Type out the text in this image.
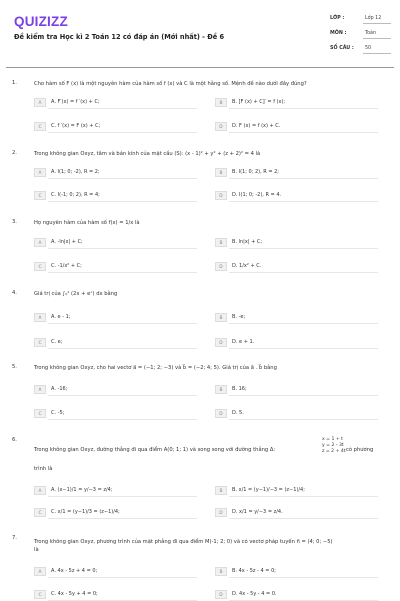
QUIZIZZ
Đề kiểm tra Học kì 2 Toán 12 có đáp án (Mới nhất) - Đề 6
LỚP :	Lớp 12
MÔN :	Toán
SỐ CÂU : 50
1.	Cho hàm số F (x) là một nguyên hàm của hàm số f (x) và C là một hằng số. Mệnh đề nào dưới đây đúng?
2.	Trong không gian Oxyz, tâm và bán kính của mặt cầu (S): (x - 1)² + y² + (z + 2)² = 4 là
3.	Họ nguyên hàm của hàm số f(x) = 1/x là
4.	Giá trị của ∫₀¹ (2x + eˣ) dx bằng
5.	Trong không gian Oxyz, cho hai vectơ a⃗ = (−1; 2; −3) và b⃗ = (−2; 4; 5). Giá trị của a⃗ . b⃗ bằng
6.
Trong không gian Oxyz, đường thẳng đi qua điểm A(0; 1; 1) và song song với đường thẳng Δ:	có phương
trình là
x = 1 + t
y = 2 - 3t
z = 2 + 4t
7.
Trong không gian Oxyz, phương trình của mặt phẳng đi qua điểm M(-1; 2; 0) và có vectơ pháp tuyến n⃗ = (4; 0; −5)
là
A	A. F′(x) = f ′(x) + C;	B	B. [F (x) + C]′ = f (x);
C	C. f ′(x) = F (x) + C;	D	D. F (x) = f (x) + C.
A	A. I(1; 0; -2), R = 2;	B	B. I(1; 0; 2), R = 2;
C	C. I(-1; 0; 2), R = 4;	D	D. I(1; 0; -2), R = 4.
A	A. -ln|x| + C;	B	B. ln|x| + C;
C	C. -1/x² + C;	D	D. 1/x² + C.
A	A. e - 1;	B	B. -e;
C	C. e;	D	D. e + 1.
A	A. -16;	B	B. 16;
C	C. -5;	D	D. 5.
A	A. (x−1)/1 = y/−3 = z/4;	B	B. x/1 = (y−1)/−3 = (z−1)/4;
C	C. x/1 = (y−1)/3 = (z−1)/4;	D	D. x/1 = y/−3 = z/4.
A	A. 4x - 5z + 4 = 0;	B	B. 4x - 5z - 4 = 0;
C	C. 4x - 5y + 4 = 0;	D	D. 4x - 5y - 4 = 0.
